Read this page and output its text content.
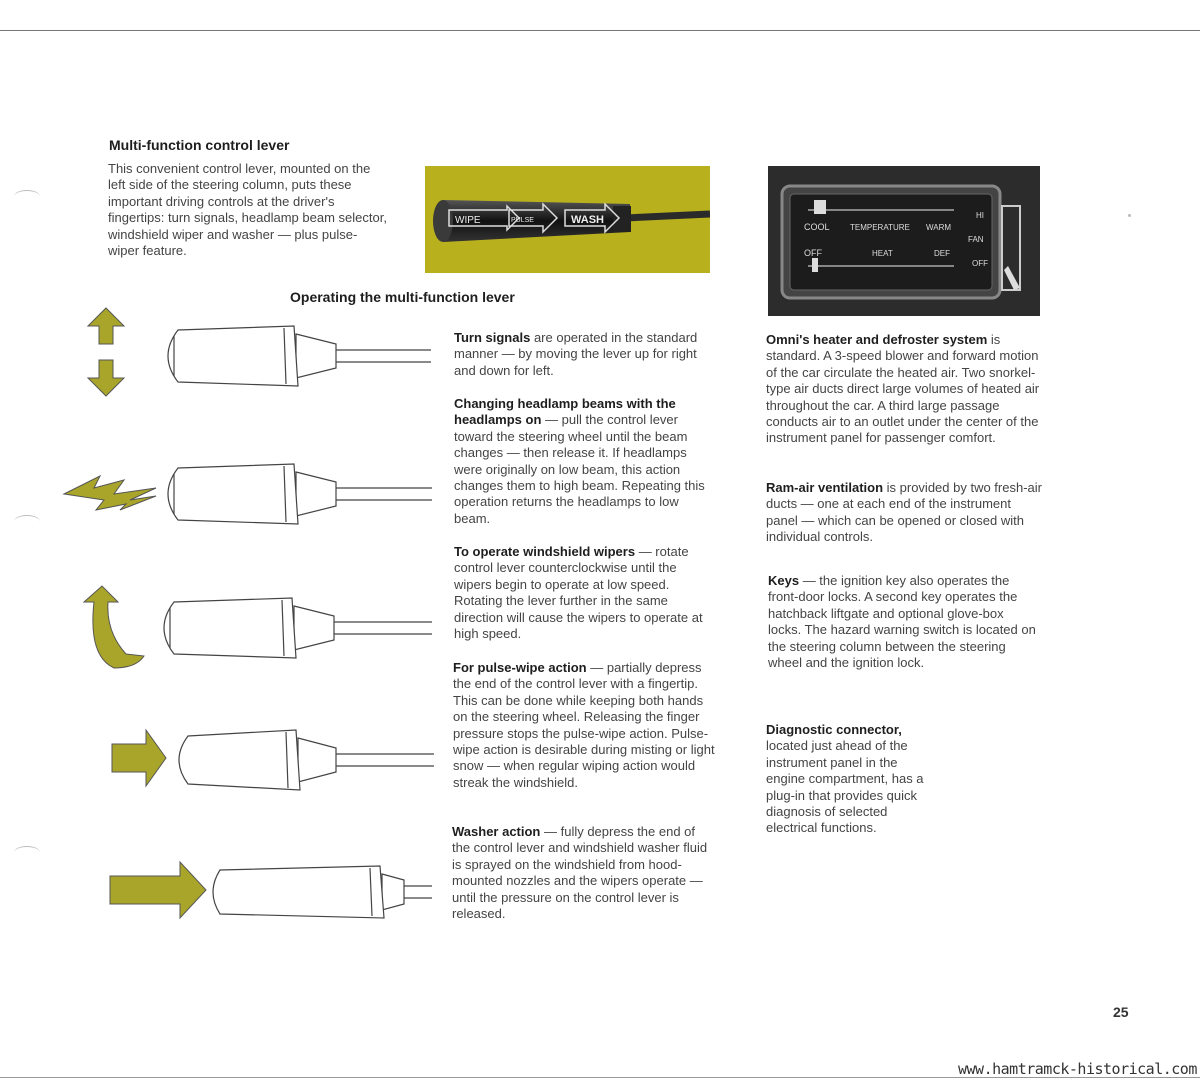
Multi-function control lever
This convenient control lever, mounted on the left side of the steering column, puts these important driving controls at the driver's fingertips: turn signals, headlamp beam selector, windshield wiper and washer — plus pulse-wiper feature.
WIPE	PULSE	WASH
COOL	TEMPERATURE WARM
OFF	HEAT	DEF
HI
FAN
OFF
Operating the multi-function lever
Turn signals are operated in the standard manner — by moving the lever up for right and down for left.
Changing headlamp beams with the headlamps on — pull the control lever toward the steering wheel until the beam changes — then release it. If headlamps were originally on low beam, this action changes them to high beam. Repeating this operation returns the headlamps to low beam.
To operate windshield wipers — rotate control lever counterclockwise until the wipers begin to operate at low speed. Rotating the lever further in the same direction will cause the wipers to operate at high speed.
For pulse-wipe action — partially depress the end of the control lever with a fingertip. This can be done while keeping both hands on the steering wheel. Releasing the finger pressure stops the pulse-wipe action. Pulse-wipe action is desirable during misting or light snow — when regular wiping action would streak the windshield.
Washer action — fully depress the end of the control lever and windshield washer fluid is sprayed on the windshield from hood-mounted nozzles and the wipers operate — until the pressure on the control lever is released.
Omni's heater and defroster system is standard. A 3-speed blower and forward motion of the car circulate the heated air. Two snorkel-type air ducts direct large volumes of heated air throughout the car. A third large passage conducts air to an outlet under the center of the instrument panel for passenger comfort.
Ram-air ventilation is provided by two fresh-air ducts — one at each end of the instrument panel — which can be opened or closed with individual controls.
Keys — the ignition key also operates the front-door locks. A second key operates the hatchback liftgate and optional glove-box locks. The hazard warning switch is located on the steering column between the steering wheel and the ignition lock.
Diagnostic connector,
located just ahead of the instrument panel in the engine compartment, has a plug-in that provides quick diagnosis of selected electrical functions.
25
www.hamtramck-historical.com
